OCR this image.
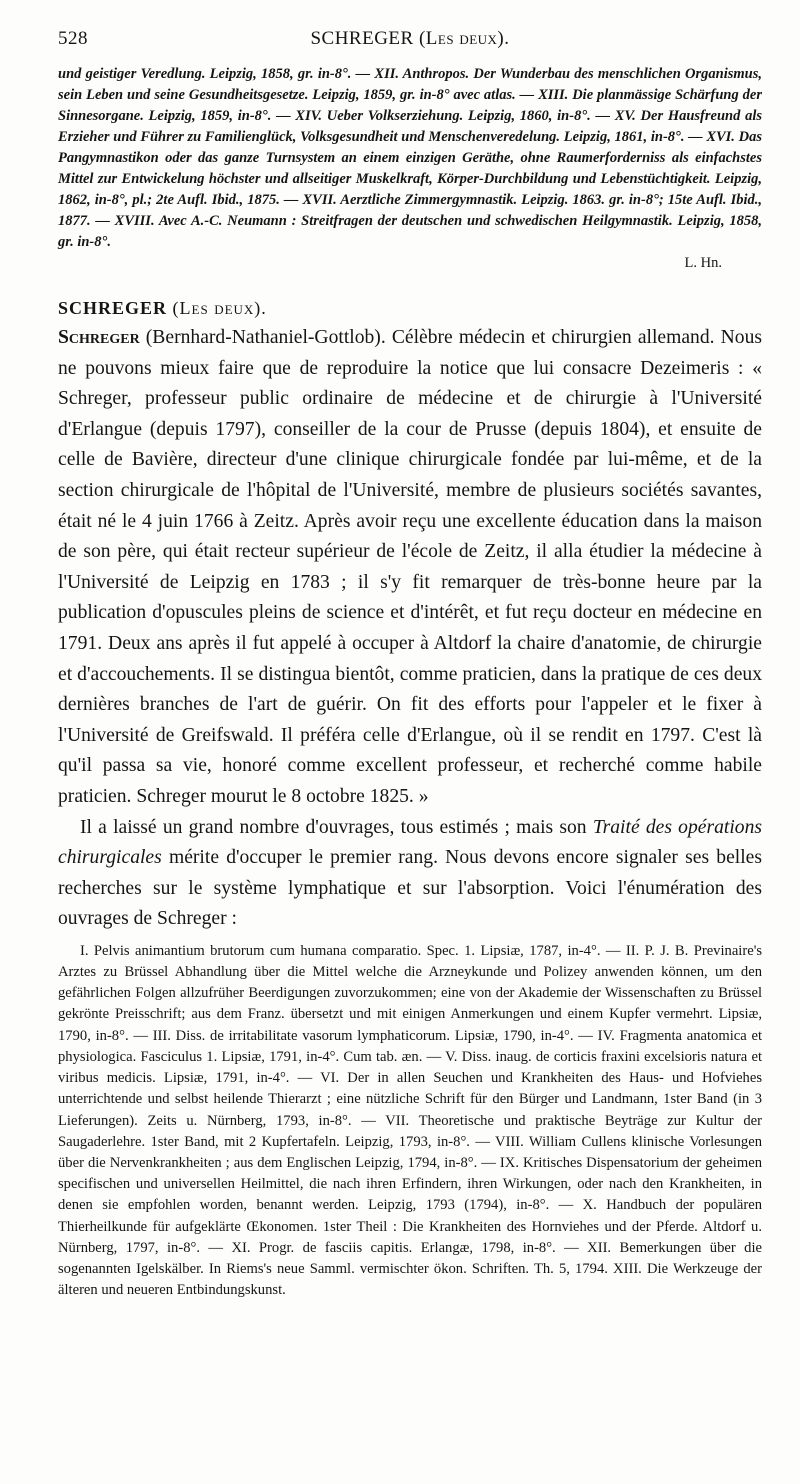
528	SCHREGER (Les deux).
und geistiger Veredlung. Leipzig, 1858, gr. in-8°. — XII. Anthropos. Der Wunderbau des menschlichen Organismus, sein Leben und seine Gesundheitsgesetze. Leipzig, 1859, gr. in-8° avec atlas. — XIII. Die planmässige Schärfung der Sinnesorgane. Leipzig, 1859, in-8°. — XIV. Ueber Volkserziehung. Leipzig, 1860, in-8°. — XV. Der Hausfreund als Erzieher und Führer zu Familienglück, Volksgesundheit und Menschenveredelung. Leipzig, 1861, in-8°. — XVI. Das Pangymnastikon oder das ganze Turnsystem an einem einzigen Geräthe, ohne Raumerforderniss als einfachstes Mittel zur Entwickelung höchster und allseitiger Muskelkraft, Körper-Durchbildung und Lebenstüchtigkeit. Leipzig, 1862, in-8°, pl.; 2te Aufl. Ibid., 1875. — XVII. Aerztliche Zimmergymnastik. Leipzig. 1863. gr. in-8°; 15te Aufl. Ibid., 1877. — XVIII. Avec A.-C. Neumann : Streitfragen der deutschen und schwedischen Heilgymnastik. Leipzig, 1858, gr. in-8°.
L. Hn.
SCHREGER (Les deux).

Schreger (Bernhard-Nathaniel-Gottlob). Célèbre médecin et chirurgien allemand. Nous ne pouvons mieux faire que de reproduire la notice que lui consacre Dezeimeris : « Schreger, professeur public ordinaire de médecine et de chirurgie à l'Université d'Erlangue (depuis 1797), conseiller de la cour de Prusse (depuis 1804), et ensuite de celle de Bavière, directeur d'une clinique chirurgicale fondée par lui-même, et de la section chirurgicale de l'hôpital de l'Université, membre de plusieurs sociétés savantes, était né le 4 juin 1766 à Zeitz. Après avoir reçu une excellente éducation dans la maison de son père, qui était recteur supérieur de l'école de Zeitz, il alla étudier la médecine à l'Université de Leipzig en 1783 ; il s'y fit remarquer de très-bonne heure par la publication d'opuscules pleins de science et d'intérêt, et fut reçu docteur en médecine en 1791. Deux ans après il fut appelé à occuper à Altdorf la chaire d'anatomie, de chirurgie et d'accouchements. Il se distingua bientôt, comme praticien, dans la pratique de ces deux dernières branches de l'art de guérir. On fit des efforts pour l'appeler et le fixer à l'Université de Greifswald. Il préféra celle d'Erlangue, où il se rendit en 1797. C'est là qu'il passa sa vie, honoré comme excellent professeur, et recherché comme habile praticien. Schreger mourut le 8 octobre 1825. »

Il a laissé un grand nombre d'ouvrages, tous estimés ; mais son Traité des opérations chirurgicales mérite d'occuper le premier rang. Nous devons encore signaler ses belles recherches sur le système lymphatique et sur l'absorption. Voici l'énumération des ouvrages de Schreger :

I. Pelvis animantium brutorum cum humana comparatio. Spec. 1. Lipsiæ, 1787, in-4°. — II. P. J. B. Previnaire's Arztes zu Brüssel Abhandlung über die Mittel welche die Arzneykunde und Polizey anwenden können, um den gefährlichen Folgen allzufrüher Beerdigungen zuvorzukommen; eine von der Akademie der Wissenschaften zu Brüssel gekrönte Preisschrift; aus dem Franz. übersetzt und mit einigen Anmerkungen und einem Kupfer vermehrt. Lipsiæ, 1790, in-8°. — III. Diss. de irritabilitate vasorum lymphaticorum. Lipsiæ, 1790, in-4°. — IV. Fragmenta anatomica et physiologica. Fasciculus 1. Lipsiæ, 1791, in-4°. Cum tab. æn. — V. Diss. inaug. de corticis fraxini excelsioris natura et viribus medicis. Lipsiæ, 1791, in-4°. — VI. Der in allen Seuchen und Krankheiten des Haus- und Hofviehes unterrichtende und selbst heilende Thierarzt ; eine nützliche Schrift für den Bürger und Landmann, 1ster Band (in 3 Lieferungen). Zeits u. Nürnberg, 1793, in-8°. — VII. Theoretische und praktische Beyträge zur Kultur der Saugaderlehre. 1ster Band, mit 2 Kupfertafeln. Leipzig, 1793, in-8°. — VIII. William Cullens klinische Vorlesungen über die Nervenkrankheiten ; aus dem Englischen Leipzig, 1794, in-8°. — IX. Kritisches Dispensatorium der geheimen specifischen und universellen Heilmittel, die nach ihren Erfindern, ihren Wirkungen, oder nach den Krankheiten, in denen sie empfohlen worden, benannt werden. Leipzig, 1793 (1794), in-8°. — X. Handbuch der populären Thierheilkunde für aufgeklärte Œkonomen. 1ster Theil : Die Krankheiten des Hornviehes und der Pferde. Altdorf u. Nürnberg, 1797, in-8°. — XI. Progr. de fasciis capitis. Erlangæ, 1798, in-8°. — XII. Bemerkungen über die sogenannten Igelskälber. In Riems's neue Samml. vermischter ökon. Schriften. Th. 5, 1794. XIII. Die Werkzeuge der älteren und neueren Entbindungskunst.
